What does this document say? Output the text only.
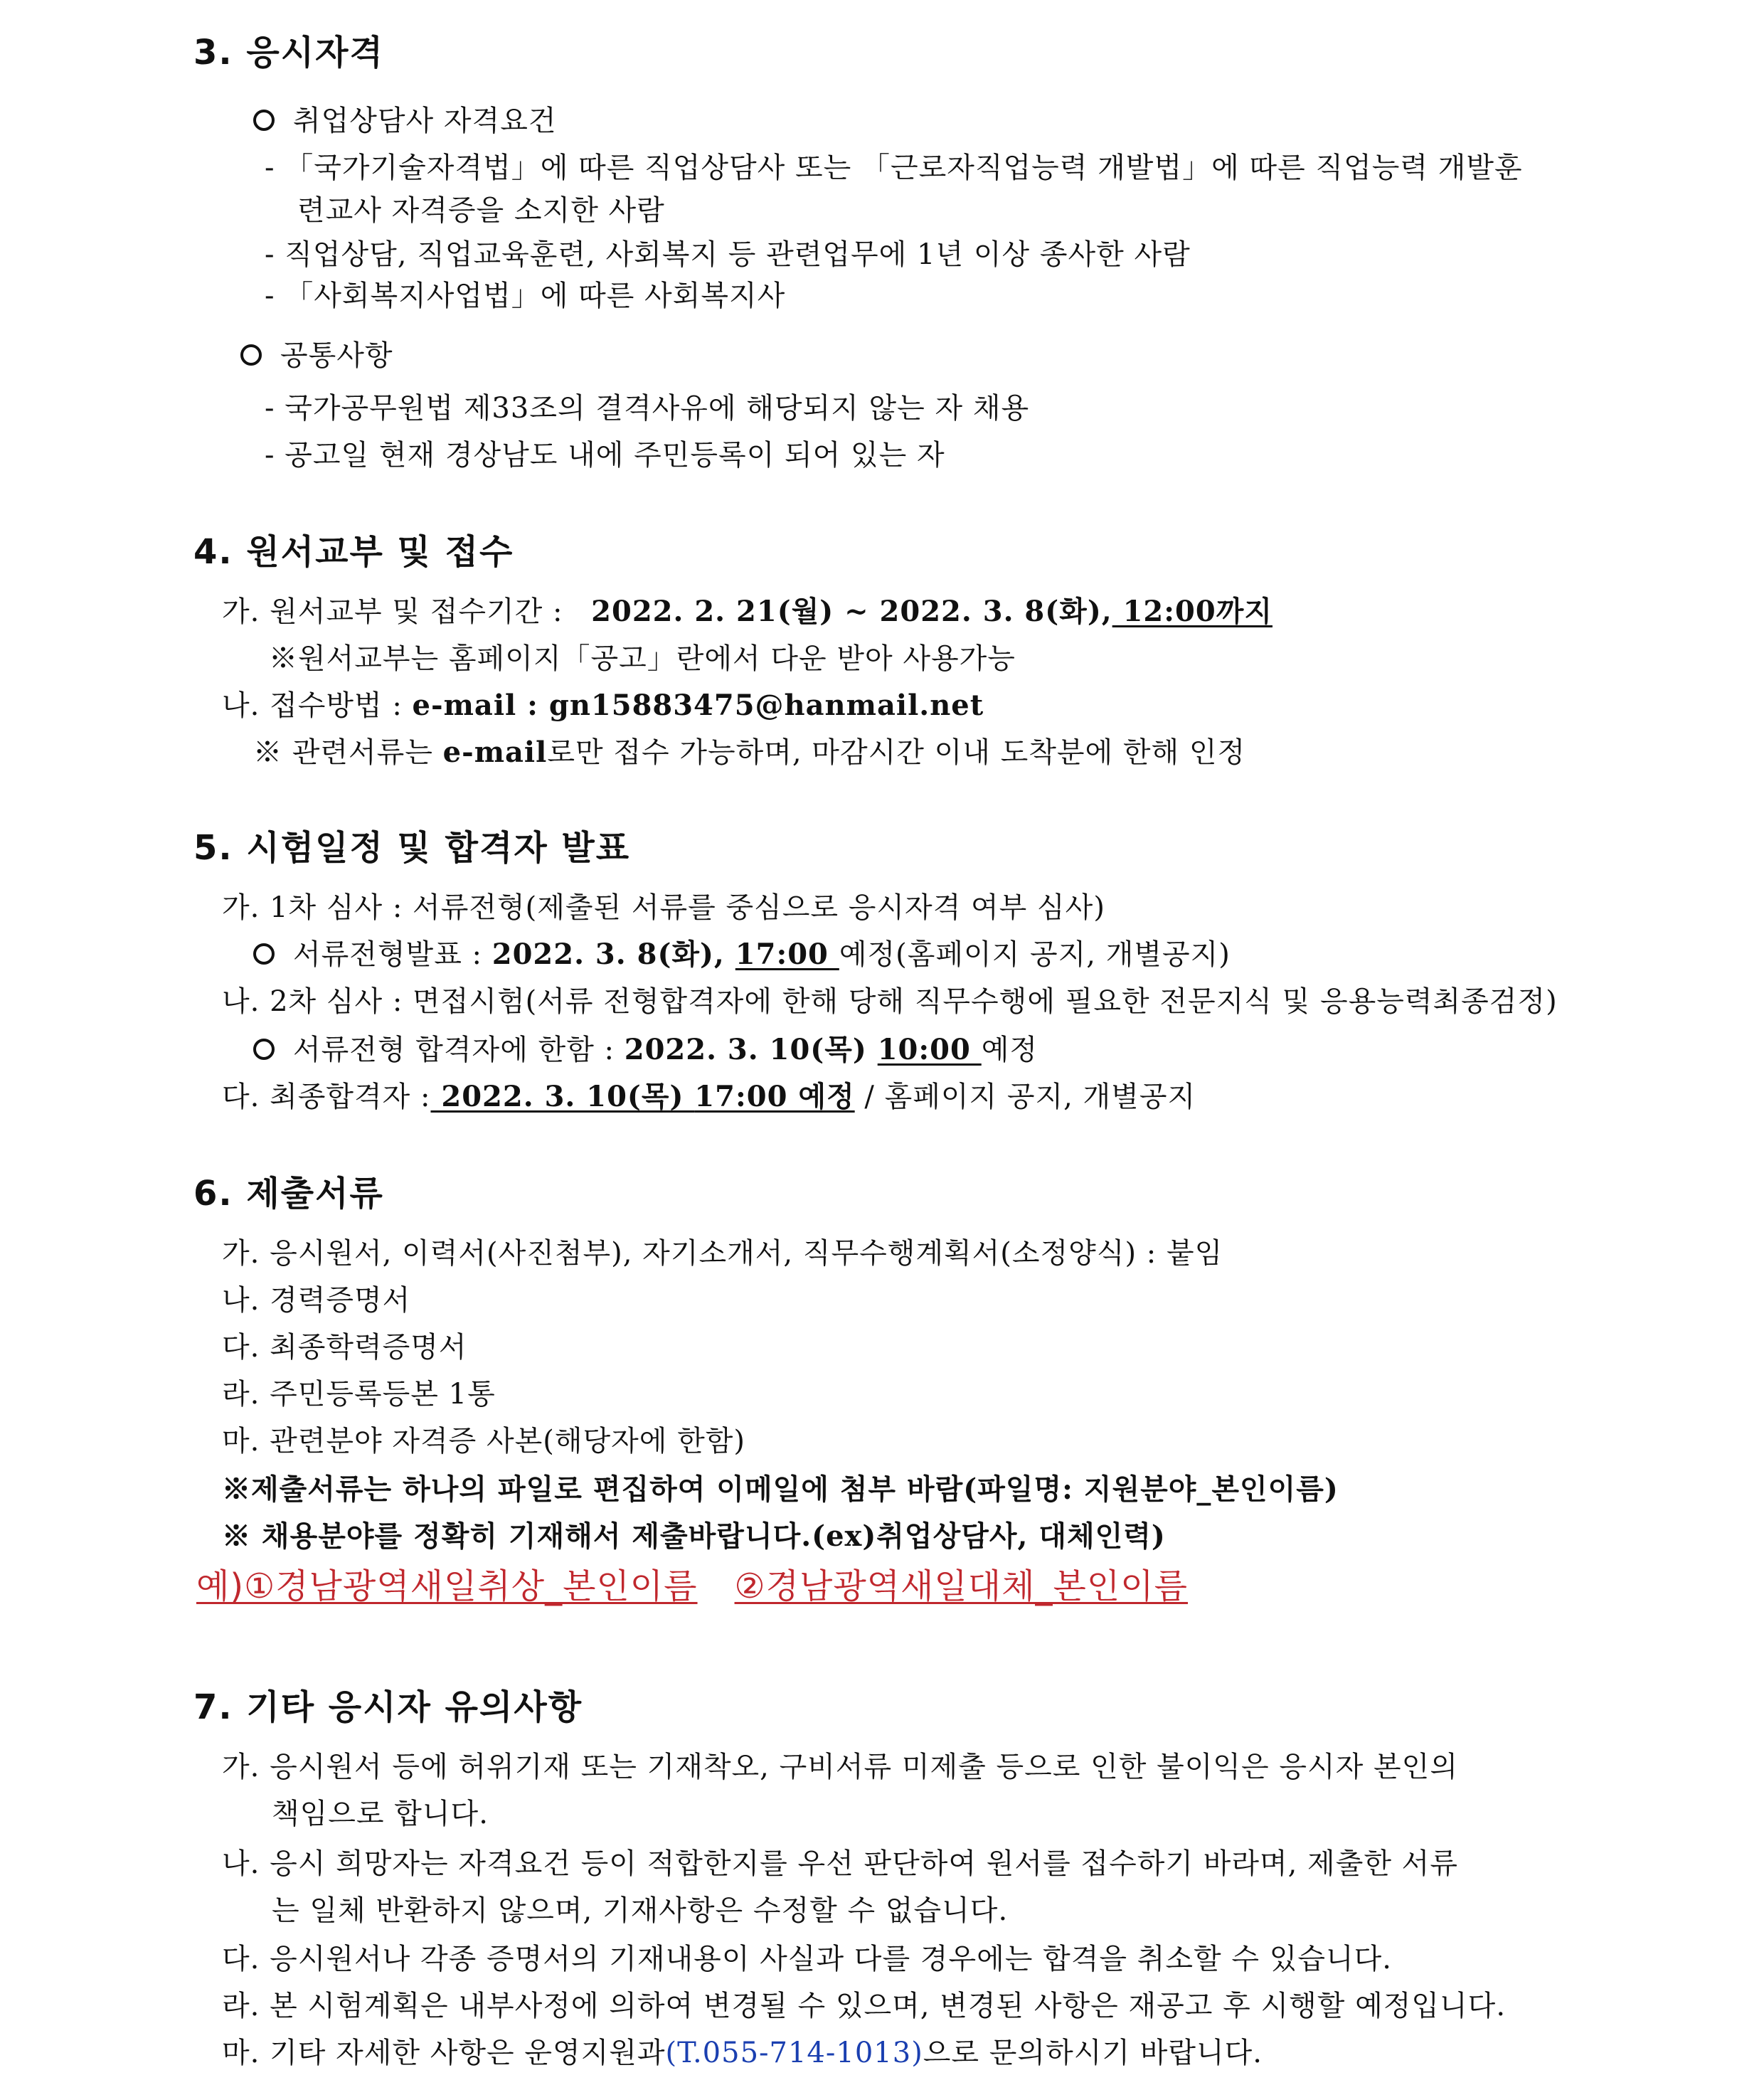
3. 응시자격
취업상담사 자격요건
- 「국가기술자격법」에 따른 직업상담사 또는 「근로자직업능력 개발법」에 따른 직업능력 개발훈
련교사 자격증을 소지한 사람
- 직업상담, 직업교육훈련, 사회복지 등 관련업무에 1년 이상 종사한 사람
- 「사회복지사업법」에 따른 사회복지사
공통사항
- 국가공무원법 제33조의 결격사유에 해당되지 않는 자 채용
- 공고일 현재 경상남도 내에 주민등록이 되어 있는 자
4. 원서교부 및 접수
가. 원서교부 및 접수기간 : 2022. 2. 21(월) ~ 2022. 3. 8(화), 12:00까지
※원서교부는 홈페이지「공고」란에서 다운 받아 사용가능
나. 접수방법 : e-mail : gn15883475@hanmail.net
※ 관련서류는 e-mail로만 접수 가능하며, 마감시간 이내 도착분에 한해 인정
5. 시험일정 및 합격자 발표
가. 1차 심사 : 서류전형(제출된 서류를 중심으로 응시자격 여부 심사)
서류전형발표 : 2022. 3. 8(화), 17:00 예정(홈페이지 공지, 개별공지)
나. 2차 심사 : 면접시험(서류 전형합격자에 한해 당해 직무수행에 필요한 전문지식 및 응용능력최종검정)
서류전형 합격자에 한함 : 2022. 3. 10(목) 10:00 예정
다. 최종합격자 : 2022. 3. 10(목) 17:00 예정 / 홈페이지 공지, 개별공지
6. 제출서류
가. 응시원서, 이력서(사진첨부), 자기소개서, 직무수행계획서(소정양식) : 붙임
나. 경력증명서
다. 최종학력증명서
라. 주민등록등본 1통
마. 관련분야 자격증 사본(해당자에 한함)
※제출서류는 하나의 파일로 편집하여 이메일에 첨부 바람(파일명: 지원분야_본인이름)
※ 채용분야를 정확히 기재해서 제출바랍니다.(ex)취업상담사, 대체인력)
예)①경남광역새일취상_본인이름 ②경남광역새일대체_본인이름
7. 기타 응시자 유의사항
가. 응시원서 등에 허위기재 또는 기재착오, 구비서류 미제출 등으로 인한 불이익은 응시자 본인의
책임으로 합니다.
나. 응시 희망자는 자격요건 등이 적합한지를 우선 판단하여 원서를 접수하기 바라며, 제출한 서류
는 일체 반환하지 않으며, 기재사항은 수정할 수 없습니다.
다. 응시원서나 각종 증명서의 기재내용이 사실과 다를 경우에는 합격을 취소할 수 있습니다.
라. 본 시험계획은 내부사정에 의하여 변경될 수 있으며, 변경된 사항은 재공고 후 시행할 예정입니다.
마. 기타 자세한 사항은 운영지원과(T.055-714-1013)으로 문의하시기 바랍니다.
